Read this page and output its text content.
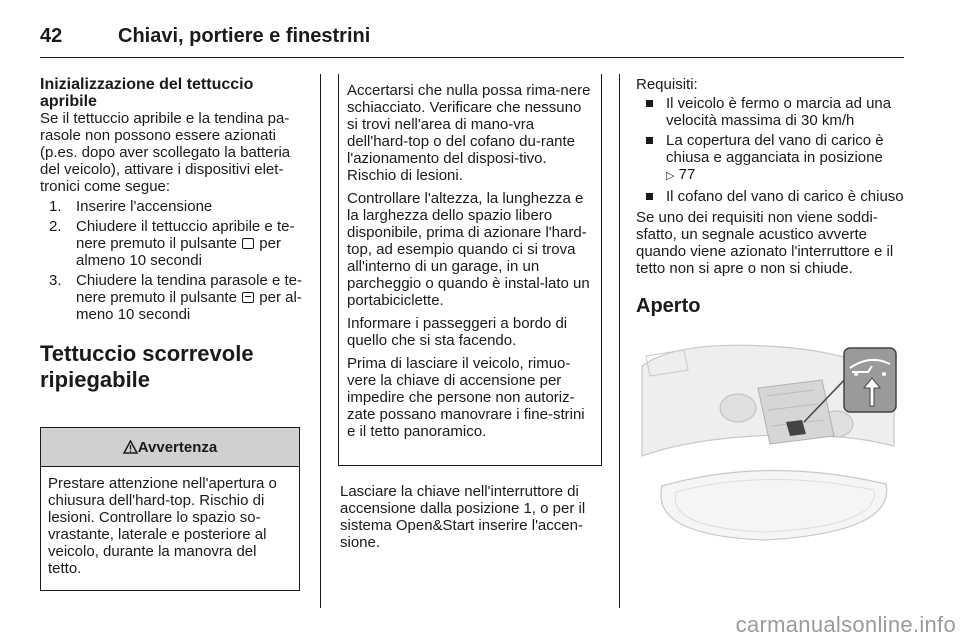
42	Chiavi, portiere e finestrini
Inizializzazione del tettuccio apribile

Se il tettuccio apribile e la tendina pa-rasole non possono essere azionati (p.es. dopo aver scollegato la batteria del veicolo), attivare i dispositivi elet-tronici come segue:

1. Inserire l'accensione
2. Chiudere il tettuccio apribile e te-nere premuto il pulsante per almeno 10 secondi
3. Chiudere la tendina parasole e te-nere premuto il pulsante per al-meno 10 secondi
Tettuccio scorrevole ripiegabile
Avvertenza
Prestare attenzione nell'apertura o chiusura dell'hard-top. Rischio di lesioni. Controllare lo spazio so-vrastante, laterale e posteriore al veicolo, durante la manovra del tetto.

Accertarsi che nulla possa rima-nere schiacciato. Verificare che nessuno si trovi nell'area di mano-vra dell'hard-top o del cofano du-rante l'azionamento del disposi-tivo. Rischio di lesioni.

Controllare l'altezza, la lunghezza e la larghezza dello spazio libero disponibile, prima di azionare l'hard-top, ad esempio quando ci si trova all'interno di un garage, in un parcheggio o quando è instal-lato un portabiciclette.

Informare i passeggeri a bordo di quello che si sta facendo.

Prima di lasciare il veicolo, rimuo-vere la chiave di accensione per impedire che persone non autoriz-zate possano manovrare i fine-strini e il tetto panoramico.

Lasciare la chiave nell'interruttore di accensione dalla posizione 1, o per il sistema Open&Start inserire l'accen-sione.

Requisiti:

Il veicolo è fermo o marcia ad una velocità massima di 30 km/h
La copertura del vano di carico è chiusa e agganciata in posizione
▷ 77
Il cofano del vano di carico è chiuso

Se uno dei requisiti non viene soddi-sfatto, un segnale acustico avverte quando viene azionato l'interruttore e il tetto non si apre o non si chiude.

Aperto
carmanualsonline.info
